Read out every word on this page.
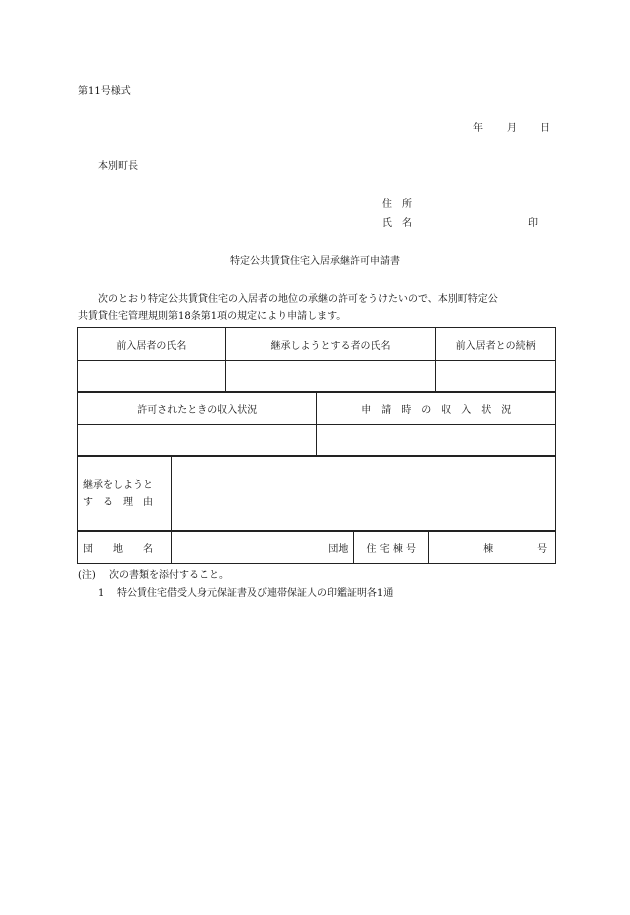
第11号様式
年 月 日
本別町長
住　所
氏　名	印
特定公共賃貸住宅入居承継許可申請書
次のとおり特定公共賃貸住宅の入居者の地位の承継の許可をうけたいので、本別町特定公
共賃貸住宅管理規則第18条第1項の規定により申請します。
前入居者の氏名	継承しようとする者の氏名	前入居者との続柄

許可されたときの収入状況	申　請　時　の　収　入　状　況

継承をしようと
す　る　理　由

団　　地　　名	団地	住 宅 棟 号	棟	号
(注) 次の書類を添付すること。
1 特公賃住宅借受人身元保証書及び連帯保証人の印鑑証明各1通
